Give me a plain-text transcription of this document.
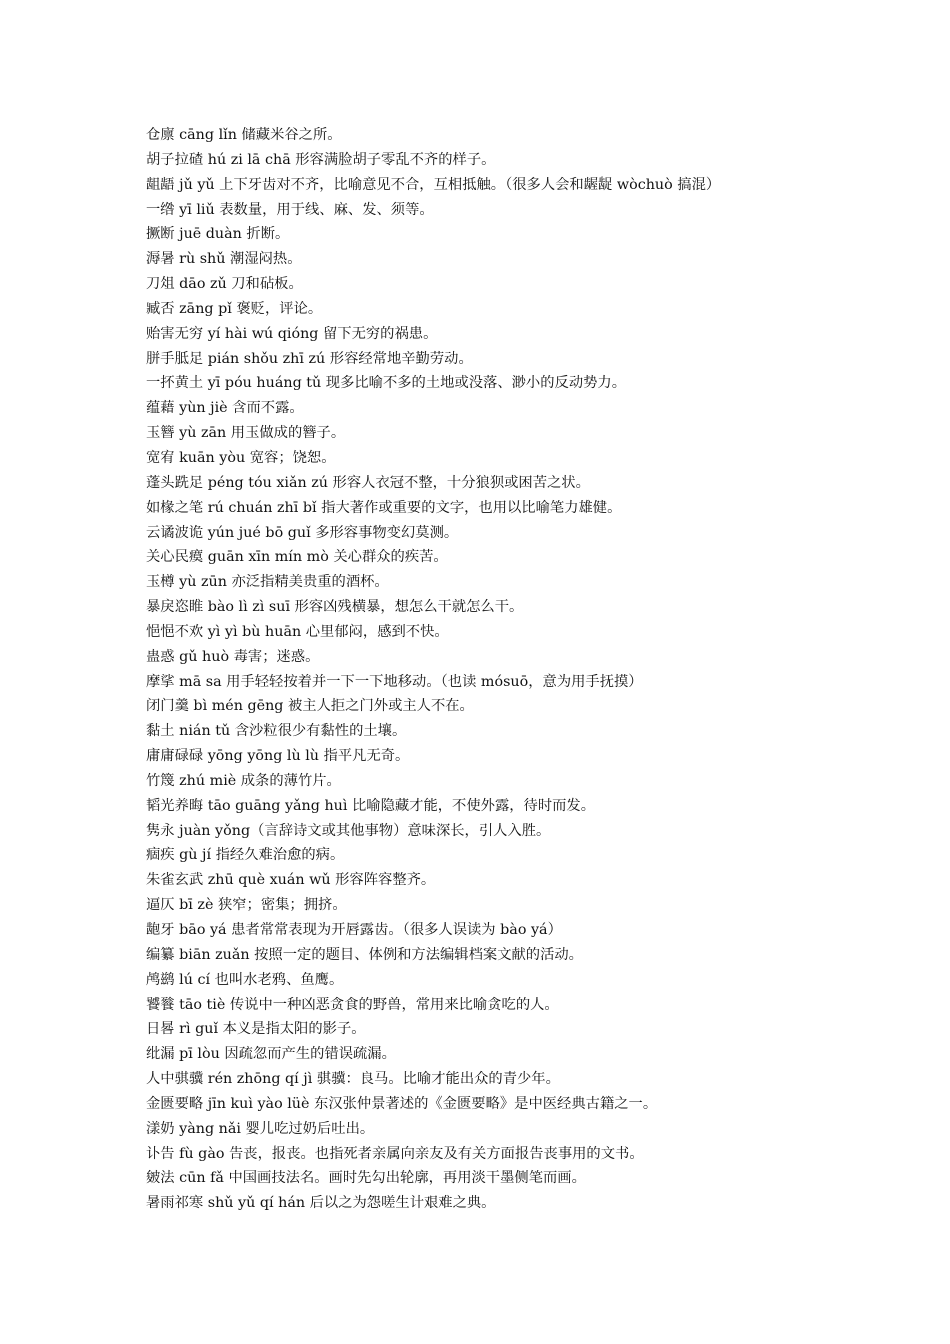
仓廪 cāng lǐn 储藏米谷之所。
胡子拉碴 hú zi lā chā 形容满脸胡子零乱不齐的样子。
龃龉 jǔ yǔ 上下牙齿对不齐，比喻意见不合，互相抵触。（很多人会和龌龊 wòchuò 搞混）
一绺 yī liǔ 表数量，用于线、麻、发、须等。
撅断 juē duàn 折断。
溽暑 rù shǔ 潮湿闷热。
刀俎 dāo zǔ 刀和砧板。
臧否 zāng pǐ 褒贬，评论。
贻害无穷 yí hài wú qióng 留下无穷的祸患。
胼手胝足 pián shǒu zhī zú 形容经常地辛勤劳动。
一抔黄土 yī póu huáng tǔ 现多比喻不多的土地或没落、渺小的反动势力。
蕴藉 yùn jiè 含而不露。
玉簪 yù zān 用玉做成的簪子。
宽宥 kuān yòu 宽容；饶恕。
蓬头跣足 péng tóu xiǎn zú 形容人衣冠不整，十分狼狈或困苦之状。
如椽之笔 rú chuán zhī bǐ 指大著作或重要的文字，也用以比喻笔力雄健。
云谲波诡 yún jué bō guǐ 多形容事物变幻莫测。
关心民瘼 guān xīn mín mò 关心群众的疾苦。
玉樽 yù zūn 亦泛指精美贵重的酒杯。
暴戾恣睢 bào lì zì suī 形容凶残横暴，想怎么干就怎么干。
悒悒不欢 yì yì bù huān 心里郁闷，感到不快。
蛊惑 gǔ huò 毒害；迷惑。
摩挲 mā sa 用手轻轻按着并一下一下地移动。（也读 mósuō，意为用手抚摸）
闭门羹 bì mén gēng 被主人拒之门外或主人不在。
黏土 nián tǔ 含沙粒很少有黏性的土壤。
庸庸碌碌 yōng yōng lù lù 指平凡无奇。
竹篾 zhú miè 成条的薄竹片。
韬光养晦 tāo guāng yǎng huì 比喻隐藏才能，不使外露，待时而发。
隽永 juàn yǒng（言辞诗文或其他事物）意味深长，引人入胜。
痼疾 gù jí 指经久难治愈的病。
朱雀玄武 zhū què xuán wǔ 形容阵容整齐。
逼仄 bī zè 狭窄；密集；拥挤。
龅牙 bāo yá 患者常常表现为开唇露齿。（很多人误读为 bào yá）
编纂 biān zuǎn 按照一定的题目、体例和方法编辑档案文献的活动。
鸬鹚 lú cí 也叫水老鸦、鱼鹰。
饕餮 tāo tiè 传说中一种凶恶贪食的野兽，常用来比喻贪吃的人。
日晷 rì guǐ 本义是指太阳的影子。
纰漏 pī lòu 因疏忽而产生的错误疏漏。
人中骐骥 rén zhōng qí jì 骐骥：良马。比喻才能出众的青少年。
金匮要略 jīn kuì yào lüè 东汉张仲景著述的《金匮要略》是中医经典古籍之一。
漾奶 yàng nǎi 婴儿吃过奶后吐出。
讣告 fù gào 告丧，报丧。也指死者亲属向亲友及有关方面报告丧事用的文书。
皴法 cūn fǎ 中国画技法名。画时先勾出轮廓，再用淡干墨侧笔而画。
暑雨祁寒 shǔ yǔ qí hán 后以之为怨嗟生计艰难之典。
